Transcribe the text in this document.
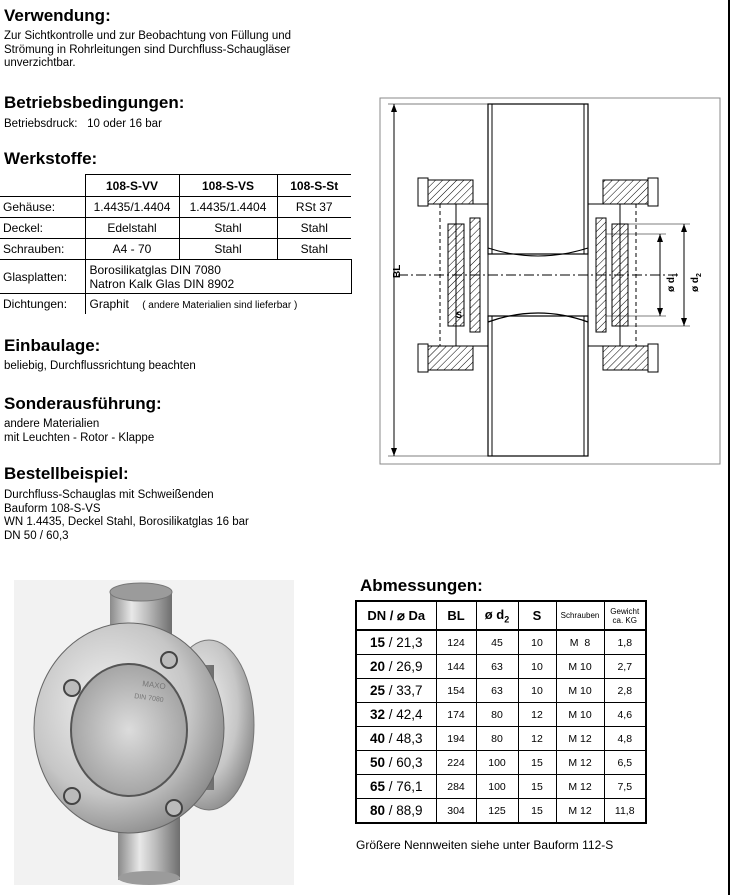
Verwendung:

Zur Sichtkontrolle und zur Beobachtung von Füllung und
Strömung in Rohrleitungen sind Durchfluss-Schaugläser
unverzichtbar.

Betriebsbedingungen:

Betriebsdruck:   10 oder 16 bar

Werkstoffe:
	108-S-VV	108-S-VS	108-S-St
Gehäuse:	1.4435/1.4404	1.4435/1.4404	RSt 37
Deckel:	Edelstahl	Stahl	Stahl
Schrauben:	A4 - 70	Stahl	Stahl
Glasplatten:	Borosilikatglas DIN 7080
Natron Kalk Glas DIN 8902		
Dichtungen:	Graphit ( andere Materialien sind lieferbar )		
Einbaulage:

beliebig, Durchflussrichtung beachten

Sonderausführung:

andere Materialien
mit Leuchten - Rotor - Klappe

Bestellbeispiel:

Durchfluss-Schauglas mit Schweißenden
Bauform 108-S-VS
WN 1.4435, Deckel Stahl, Borosilikatglas 16 bar
DN 50 / 60,3

BL
ø $d_1$
ø $d_2$
S
MAXO
DIN 7080
Abmessungen:
DN / ⌀ Da	BL	ø $d_2$	S	Schrauben	Gewicht
ca. KG
15 / 21,3	124	45	10	M  8	1,8
20 / 26,9	144	63	10	M 10	2,7
25 / 33,7	154	63	10	M 10	2,8
32 / 42,4	174	80	12	M 10	4,6
40 / 48,3	194	80	12	M 12	4,8
50 / 60,3	224	100	15	M 12	6,5
65 / 76,1	284	100	15	M 12	7,5
80 / 88,9	304	125	15	M 12	11,8

Größere Nennweiten siehe unter Bauform 112-S
